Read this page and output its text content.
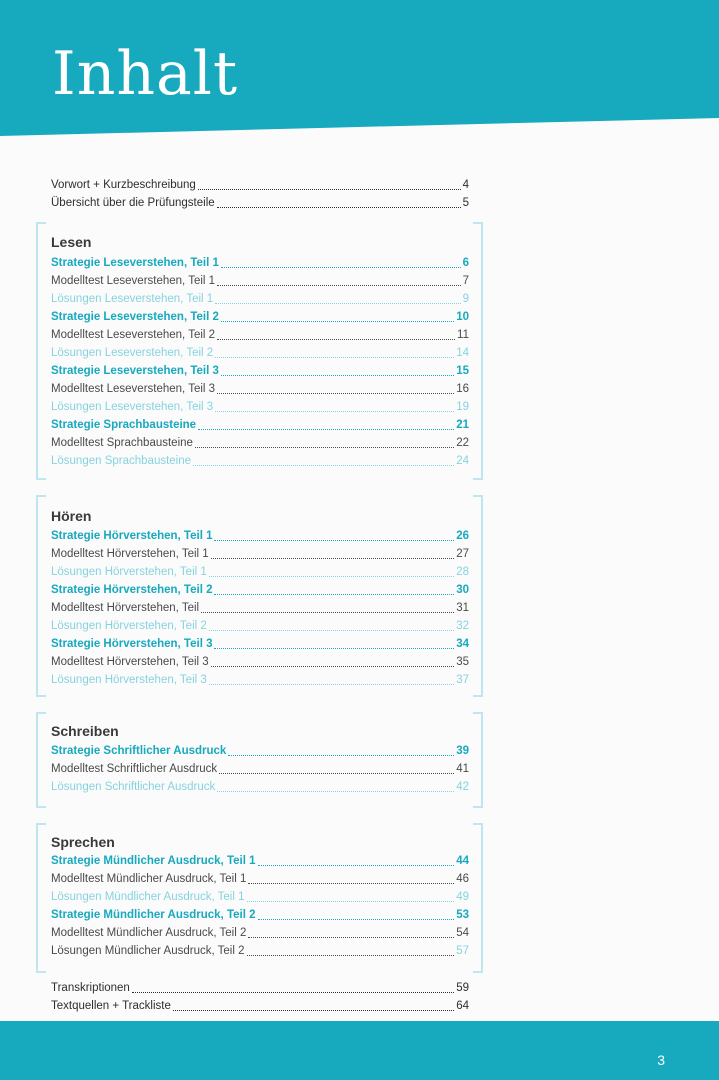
Inhalt
Vorwort + Kurzbeschreibung	4
Übersicht über die Prüfungsteile	5
Lesen
Strategie Leseverstehen, Teil 1	6
Modelltest Leseverstehen, Teil 1	7
Lösungen Leseverstehen, Teil 1	9
Strategie Leseverstehen, Teil 2	10
Modelltest Leseverstehen, Teil 2	11
Lösungen Leseverstehen, Teil 2	14
Strategie Leseverstehen, Teil 3	15
Modelltest Leseverstehen, Teil 3	16
Lösungen Leseverstehen, Teil 3	19
Strategie Sprachbausteine	21
Modelltest Sprachbausteine	22
Lösungen Sprachbausteine	24
Hören
Strategie Hörverstehen, Teil 1	26
Modelltest Hörverstehen, Teil 1	27
Lösungen Hörverstehen, Teil 1	28
Strategie Hörverstehen, Teil 2	30
Modelltest Hörverstehen, Teil	31
Lösungen Hörverstehen, Teil 2	32
Strategie Hörverstehen, Teil 3	34
Modelltest Hörverstehen, Teil 3	35
Lösungen Hörverstehen, Teil 3	37
Schreiben
Strategie Schriftlicher Ausdruck	39
Modelltest Schriftlicher Ausdruck	41
Lösungen Schriftlicher Ausdruck	42
Sprechen
Strategie Mündlicher Ausdruck, Teil 1	44
Modelltest Mündlicher Ausdruck, Teil 1	46
Lösungen Mündlicher Ausdruck, Teil 1	49
Strategie Mündlicher Ausdruck, Teil 2	53
Modelltest Mündlicher Ausdruck, Teil 2	54
Lösungen Mündlicher Ausdruck, Teil 2	57
Transkriptionen	59
Textquellen + Trackliste	64
3
